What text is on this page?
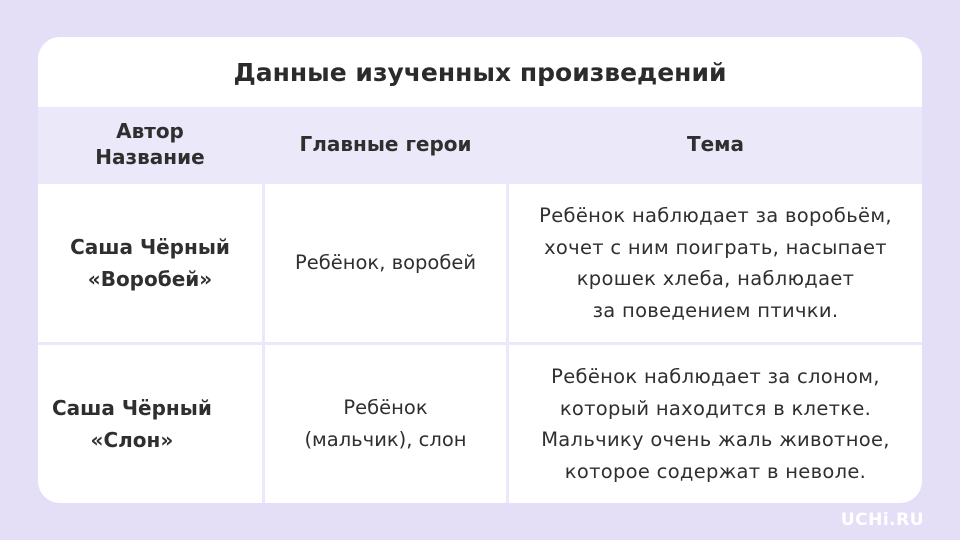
Данные изученных произведений
Автор
Название
Главные герои	Тема
Саша Чёрный
«Воробей»
Ребёнок, воробей
Ребёнок наблюдает за воробьём,
хочет с ним поиграть, насыпает
крошек хлеба, наблюдает
за поведением птички.
Саша Чёрный
«Слон»
Ребёнок
(мальчик), слон
Ребёнок наблюдает за слоном,
который находится в клетке.
Мальчику очень жаль животное,
которое содержат в неволе.
UCHi.RU
